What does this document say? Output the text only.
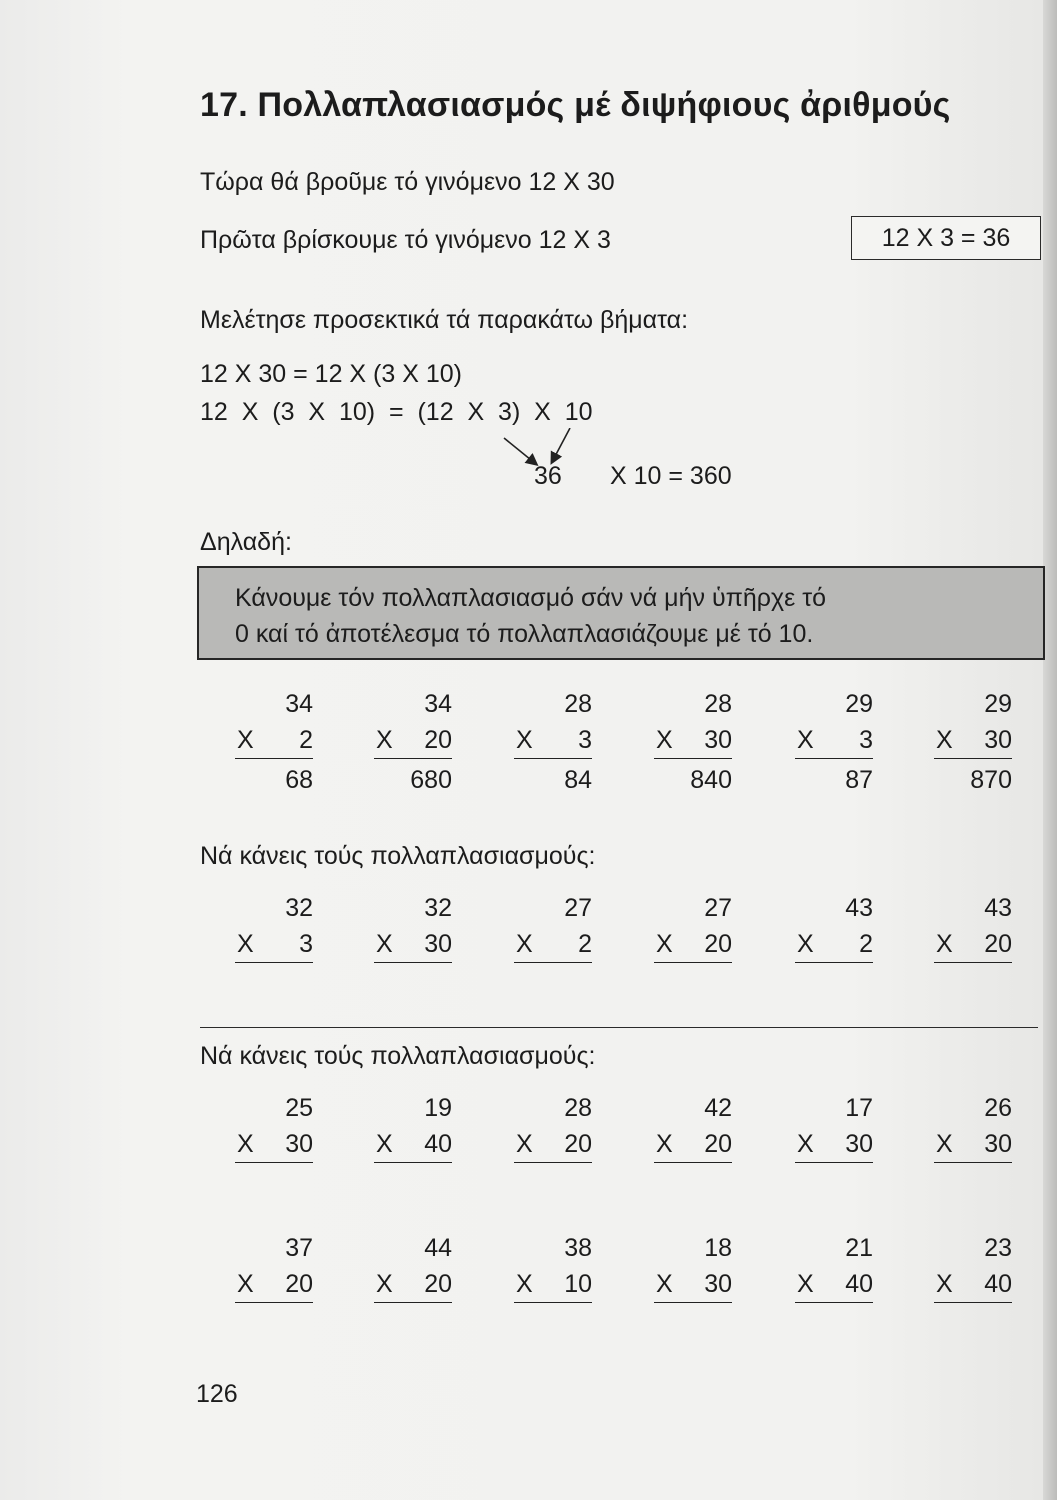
17. Πολλαπλασιασμός μέ διψήφιους ἀριθμούς
Τώρα θά βροῦμε τό γινόμενο 12 Χ 30
Πρῶτα βρίσκουμε τό γινόμενο 12 Χ 3	12 Χ 3 = 36
Μελέτησε προσεκτικά τά παρακάτω βήματα:
12 Χ 30 = 12 Χ (3 Χ 10)
12  Χ  (3  Χ  10)  =  (12  Χ  3)  Χ  10
36 Χ 10 = 360
Δηλαδή:
Κάνουμε τόν πολλαπλασιασμό σάν νά μήν ὑπῆρχε τό
0 καί τό ἀποτέλεσμα τό πολλαπλασιάζουμε μέ τό 10.
34
Χ 2
68
34
Χ 20
680
28
Χ 3
84
28
Χ 30
840
29
Χ 3
87
29
Χ 30
870
Νά κάνεις τούς πολλαπλασιασμούς:
32
Χ 3
32
Χ 30
27
Χ 2
27
Χ 20
43
Χ 2
43
Χ 20
Νά κάνεις τούς πολλαπλασιασμούς:
25
Χ 30
19
Χ 40
28
Χ 20
42
Χ 20
17
Χ 30
26
Χ 30
37
Χ 20
44
Χ 20
38
Χ 10
18
Χ 30
21
Χ 40
23
Χ 40
126
